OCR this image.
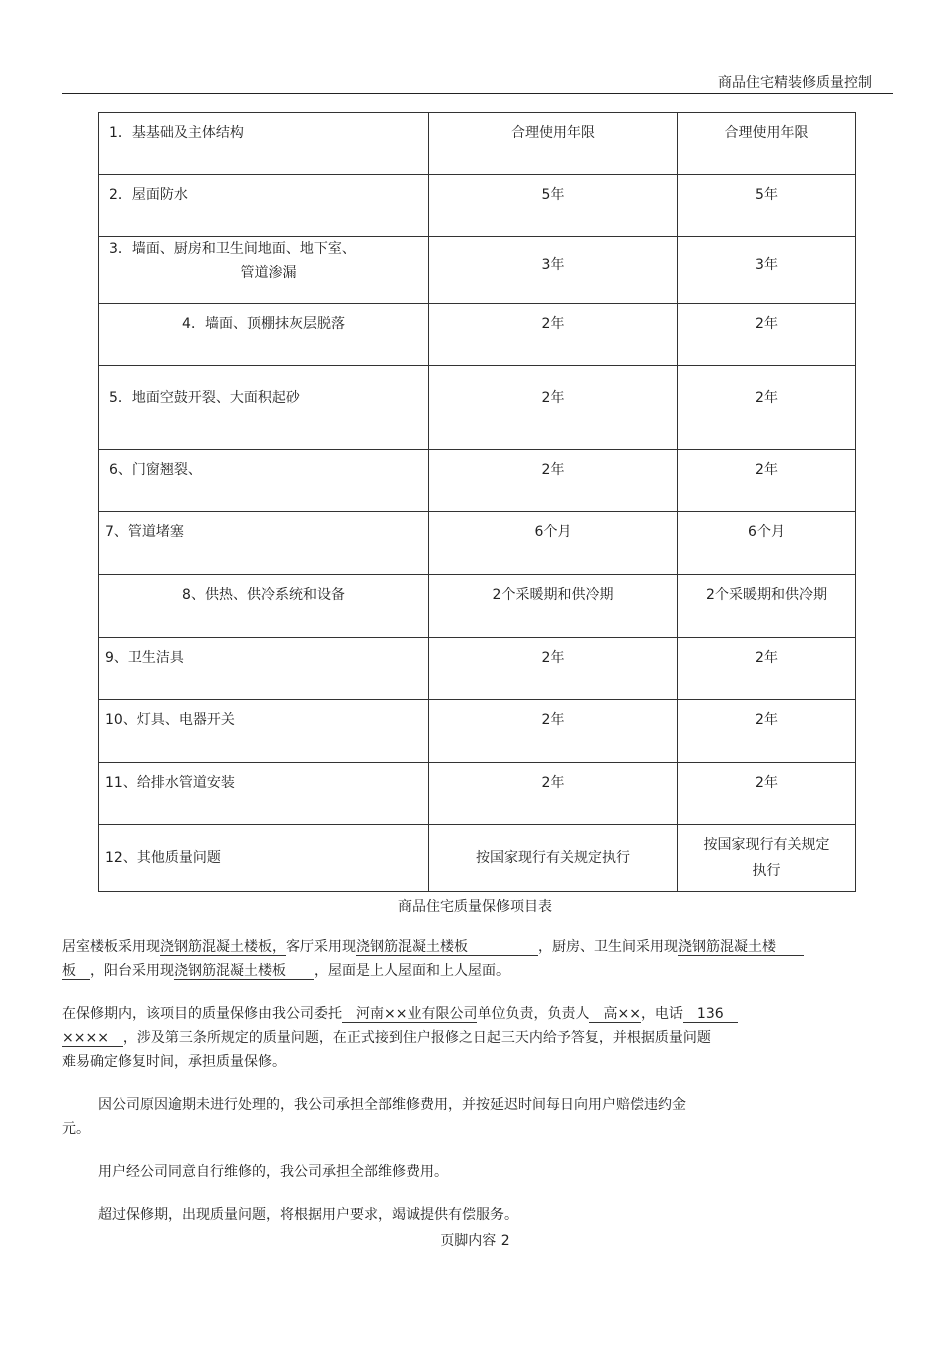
商品住宅精装修质量控制
1．基基础及主体结构	合理使用年限	合理使用年限
2．屋面防水	5年	5年

3．墙面、厨房和卫生间地面、地下室、
管道渗漏	3年	3年
4．墙面、顶棚抹灰层脱落	2年	2年
5．地面空鼓开裂、大面积起砂	2年	2年
6、门窗翘裂、	2年	2年
7、管道堵塞	6个月	6个月
8、供热、供冷系统和设备	2个采暖期和供冷期	2个采暖期和供冷期
9、卫生洁具	2年	2年
10、灯具、电器开关	2年	2年
11、给排水管道安装	2年	2年
12、其他质量问题	按国家现行有关规定执行	按国家现行有关规定
执行
商品住宅质量保修项目表
居室楼板采用现浇钢筋混凝土楼板，客厅采用现浇钢筋混凝土楼板　　　　　，厨房、卫生间采用现浇钢筋混凝土楼　　
板　，阳台采用现浇钢筋混凝土楼板　　，屋面是上人屋面和上人屋面。
在保修期内，该项目的质量保修由我公司委托　河南××业有限公司单位负责，负责人　高××，电话　136　
××××　，涉及第三条所规定的质量问题，在正式接到住户报修之日起三天内给予答复，并根据质量问题
难易确定修复时间，承担质量保修。
因公司原因逾期未进行处理的，我公司承担全部维修费用，并按延迟时间每日向用户赔偿违约金
元。
用户经公司同意自行维修的，我公司承担全部维修费用。
超过保修期，出现质量问题，将根据用户要求，竭诚提供有偿服务。
页脚内容 2
